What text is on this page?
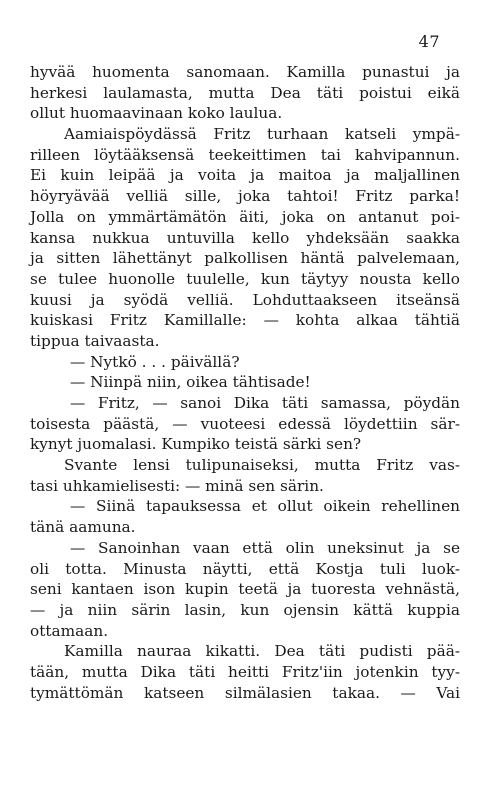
47
hyvää huomenta sanomaan. Kamilla punastui ja
herkesi laulamasta, mutta Dea täti poistui eikä
ollut huomaavinaan koko laulua.
Aamiaispöydässä Fritz turhaan katseli ympä-
rilleen löytääksensä teekeittimen tai kahvipannun.
Ei kuin leipää ja voita ja maitoa ja maljallinen
höyryävää velliä sille, joka tahtoi! Fritz parka!
Jolla on ymmärtämätön äiti, joka on antanut poi-
kansa nukkua untuvilla kello yhdeksään saakka
ja sitten lähettänyt palkollisen häntä palvelemaan,
se tulee huonolle tuulelle, kun täytyy nousta kello
kuusi ja syödä velliä. Lohduttaakseen itseänsä
kuiskasi Fritz Kamillalle: — kohta alkaa tähtiä
tippua taivaasta.
— Nytkö . . . päivällä?
— Niinpä niin, oikea tähtisade!
— Fritz, — sanoi Dika täti samassa, pöydän
toisesta päästä, — vuoteesi edessä löydettiin sär-
kynyt juomalasi. Kumpiko teistä särki sen?
Svante lensi tulipunaiseksi, mutta Fritz vas-
tasi uhkamielisesti: — minä sen särin.
— Siinä tapauksessa et ollut oikein rehellinen
tänä aamuna.
— Sanoinhan vaan että olin uneksinut ja se
oli totta. Minusta näytti, että Kostja tuli luok-
seni kantaen ison kupin teetä ja tuoresta vehnästä,
— ja niin särin lasin, kun ojensin kättä kuppia
ottamaan.
Kamilla nauraa kikatti. Dea täti pudisti pää-
tään, mutta Dika täti heitti Fritz'iin jotenkin tyy-
tymättömän katseen silmälasien takaa. — Vai
